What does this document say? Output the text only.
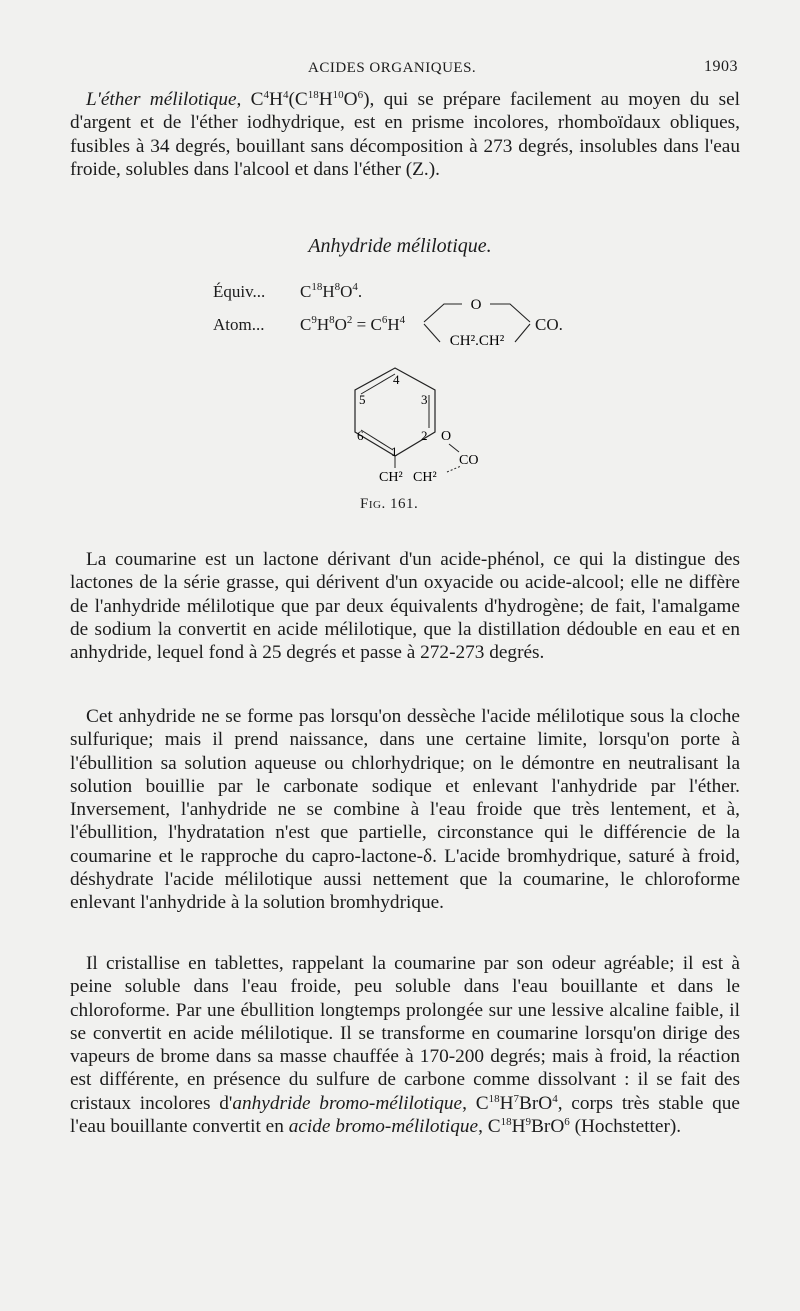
ACIDES ORGANIQUES.	1903

L'éther mélilotique, $C^4H^4(C^{18}H^{10}O^6)$, qui se prépare facilement au moyen du sel d'argent et de l'éther iodhydrique, est en prisme incolores, rhomboïdaux obliques, fusibles à 34 degrés, bouillant sans décomposition à 273 degrés, insolubles dans l'eau froide, solubles dans l'alcool et dans l'éther (Z.).

Anhydride mélilotique.
Équiv... $C^{18}H^8O^4$.
Atom... $C^9H^8O^2 = C^6H^4$
O
CH².CH²
CO.
4
5	3
6	2
1
O
CO
CH² CH²
Fig. 161.

La coumarine est un lactone dérivant d'un acide-phénol, ce qui la distingue des lactones de la série grasse, qui dérivent d'un oxyacide ou acide-alcool; elle ne diffère de l'anhydride mélilotique que par deux équivalents d'hydrogène; de fait, l'amalgame de sodium la convertit en acide mélilotique, que la distillation dédouble en eau et en anhydride, lequel fond à 25 degrés et passe à 272-273 degrés.

Cet anhydride ne se forme pas lorsqu'on dessèche l'acide mélilotique sous la cloche sulfurique; mais il prend naissance, dans une certaine limite, lorsqu'on porte à l'ébullition sa solution aqueuse ou chlorhydrique; on le démontre en neutralisant la solution bouillie par le carbonate sodique et enlevant l'anhydride par l'éther. Inversement, l'anhydride ne se combine à l'eau froide que très lentement, et à, l'ébullition, l'hydratation n'est que partielle, circonstance qui le différencie de la coumarine et le rapproche du capro-lactone-δ. L'acide bromhydrique, saturé à froid, déshydrate l'acide mélilotique aussi nettement que la coumarine, le chloroforme enlevant l'anhydride à la solution bromhydrique.

Il cristallise en tablettes, rappelant la coumarine par son odeur agréable; il est à peine soluble dans l'eau froide, peu soluble dans l'eau bouillante et dans le chloroforme. Par une ébullition longtemps prolongée sur une lessive alcaline faible, il se convertit en acide mélilotique. Il se transforme en coumarine lorsqu'on dirige des vapeurs de brome dans sa masse chauffée à 170-200 degrés; mais à froid, la réaction est différente, en présence du sulfure de carbone comme dissolvant : il se fait des cristaux incolores d'anhydride bromo-mélilotique, $C^{18}H^7BrO^4$, corps très stable que l'eau bouillante convertit en acide bromo-mélilotique, $C^{18}H^9BrO^6$ (Hochstetter).
